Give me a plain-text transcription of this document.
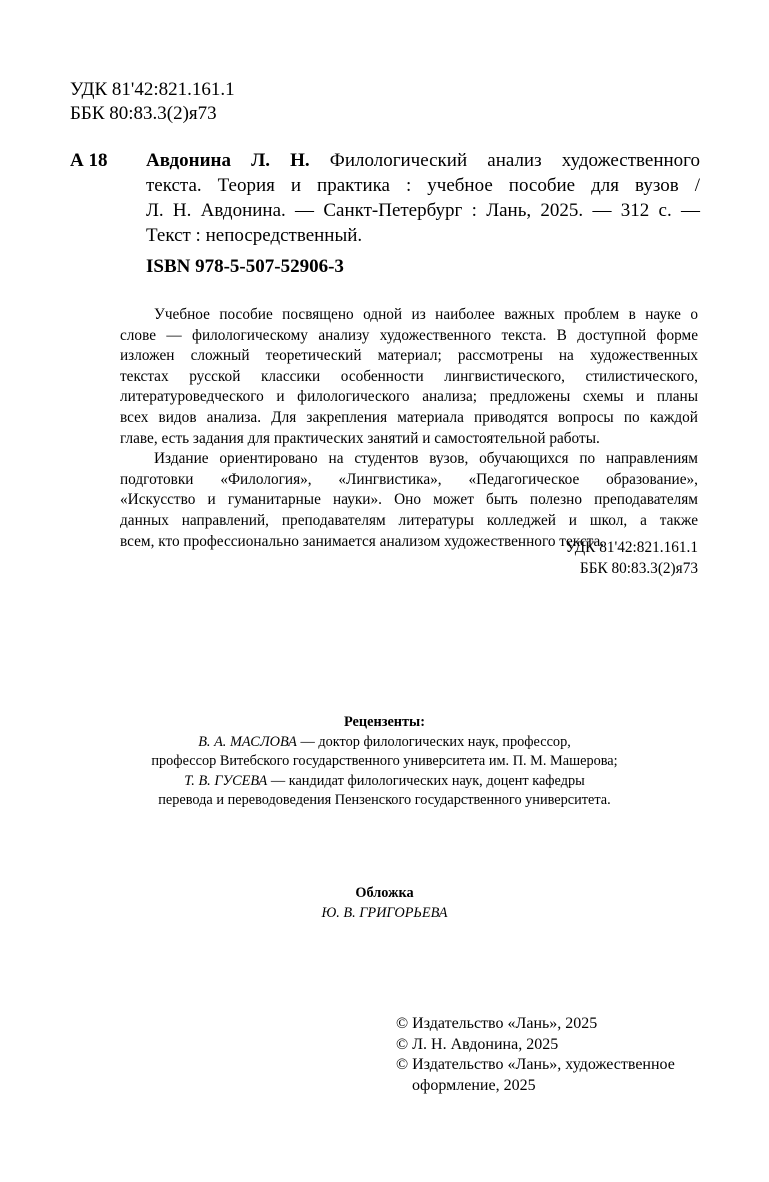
УДК 81'42:821.161.1
ББК 80:83.3(2)я73
А 18 Авдонина Л. Н. Филологический анализ художественного
текста. Теория и практика : учебное пособие для вузов /
Л. Н. Авдонина. — Санкт-Петербург : Лань, 2025. — 312 с. —
Текст : непосредственный.
ISBN 978-5-507-52906-3
Учебное пособие посвящено одной из наиболее важных проблем в науке о
слове — филологическому анализу художественного текста. В доступной форме
изложен сложный теоретический материал; рассмотрены на художественных
текстах русской классики особенности лингвистического, стилистического,
литературоведческого и филологического анализа; предложены схемы и планы
всех видов анализа. Для закрепления материала приводятся вопросы по каждой
главе, есть задания для практических занятий и самостоятельной работы.
Издание ориентировано на студентов вузов, обучающихся по направлениям
подготовки «Филология», «Лингвистика», «Педагогическое образование»,
«Искусство и гуманитарные науки». Оно может быть полезно преподавателям
данных направлений, преподавателям литературы колледжей и школ, а также
всем, кто профессионально занимается анализом художественного текста.
УДК 81'42:821.161.1
ББК 80:83.3(2)я73
Рецензенты:
В. А. МАСЛОВА — доктор филологических наук, профессор,
профессор Витебского государственного университета им. П. М. Машерова;
Т. В. ГУСЕВА — кандидат филологических наук, доцент кафедры
перевода и переводоведения Пензенского государственного университета.
Обложка
Ю. В. ГРИГОРЬЕВА
© Издательство «Лань», 2025
© Л. Н. Авдонина, 2025
© Издательство «Лань», художественное
оформление, 2025
